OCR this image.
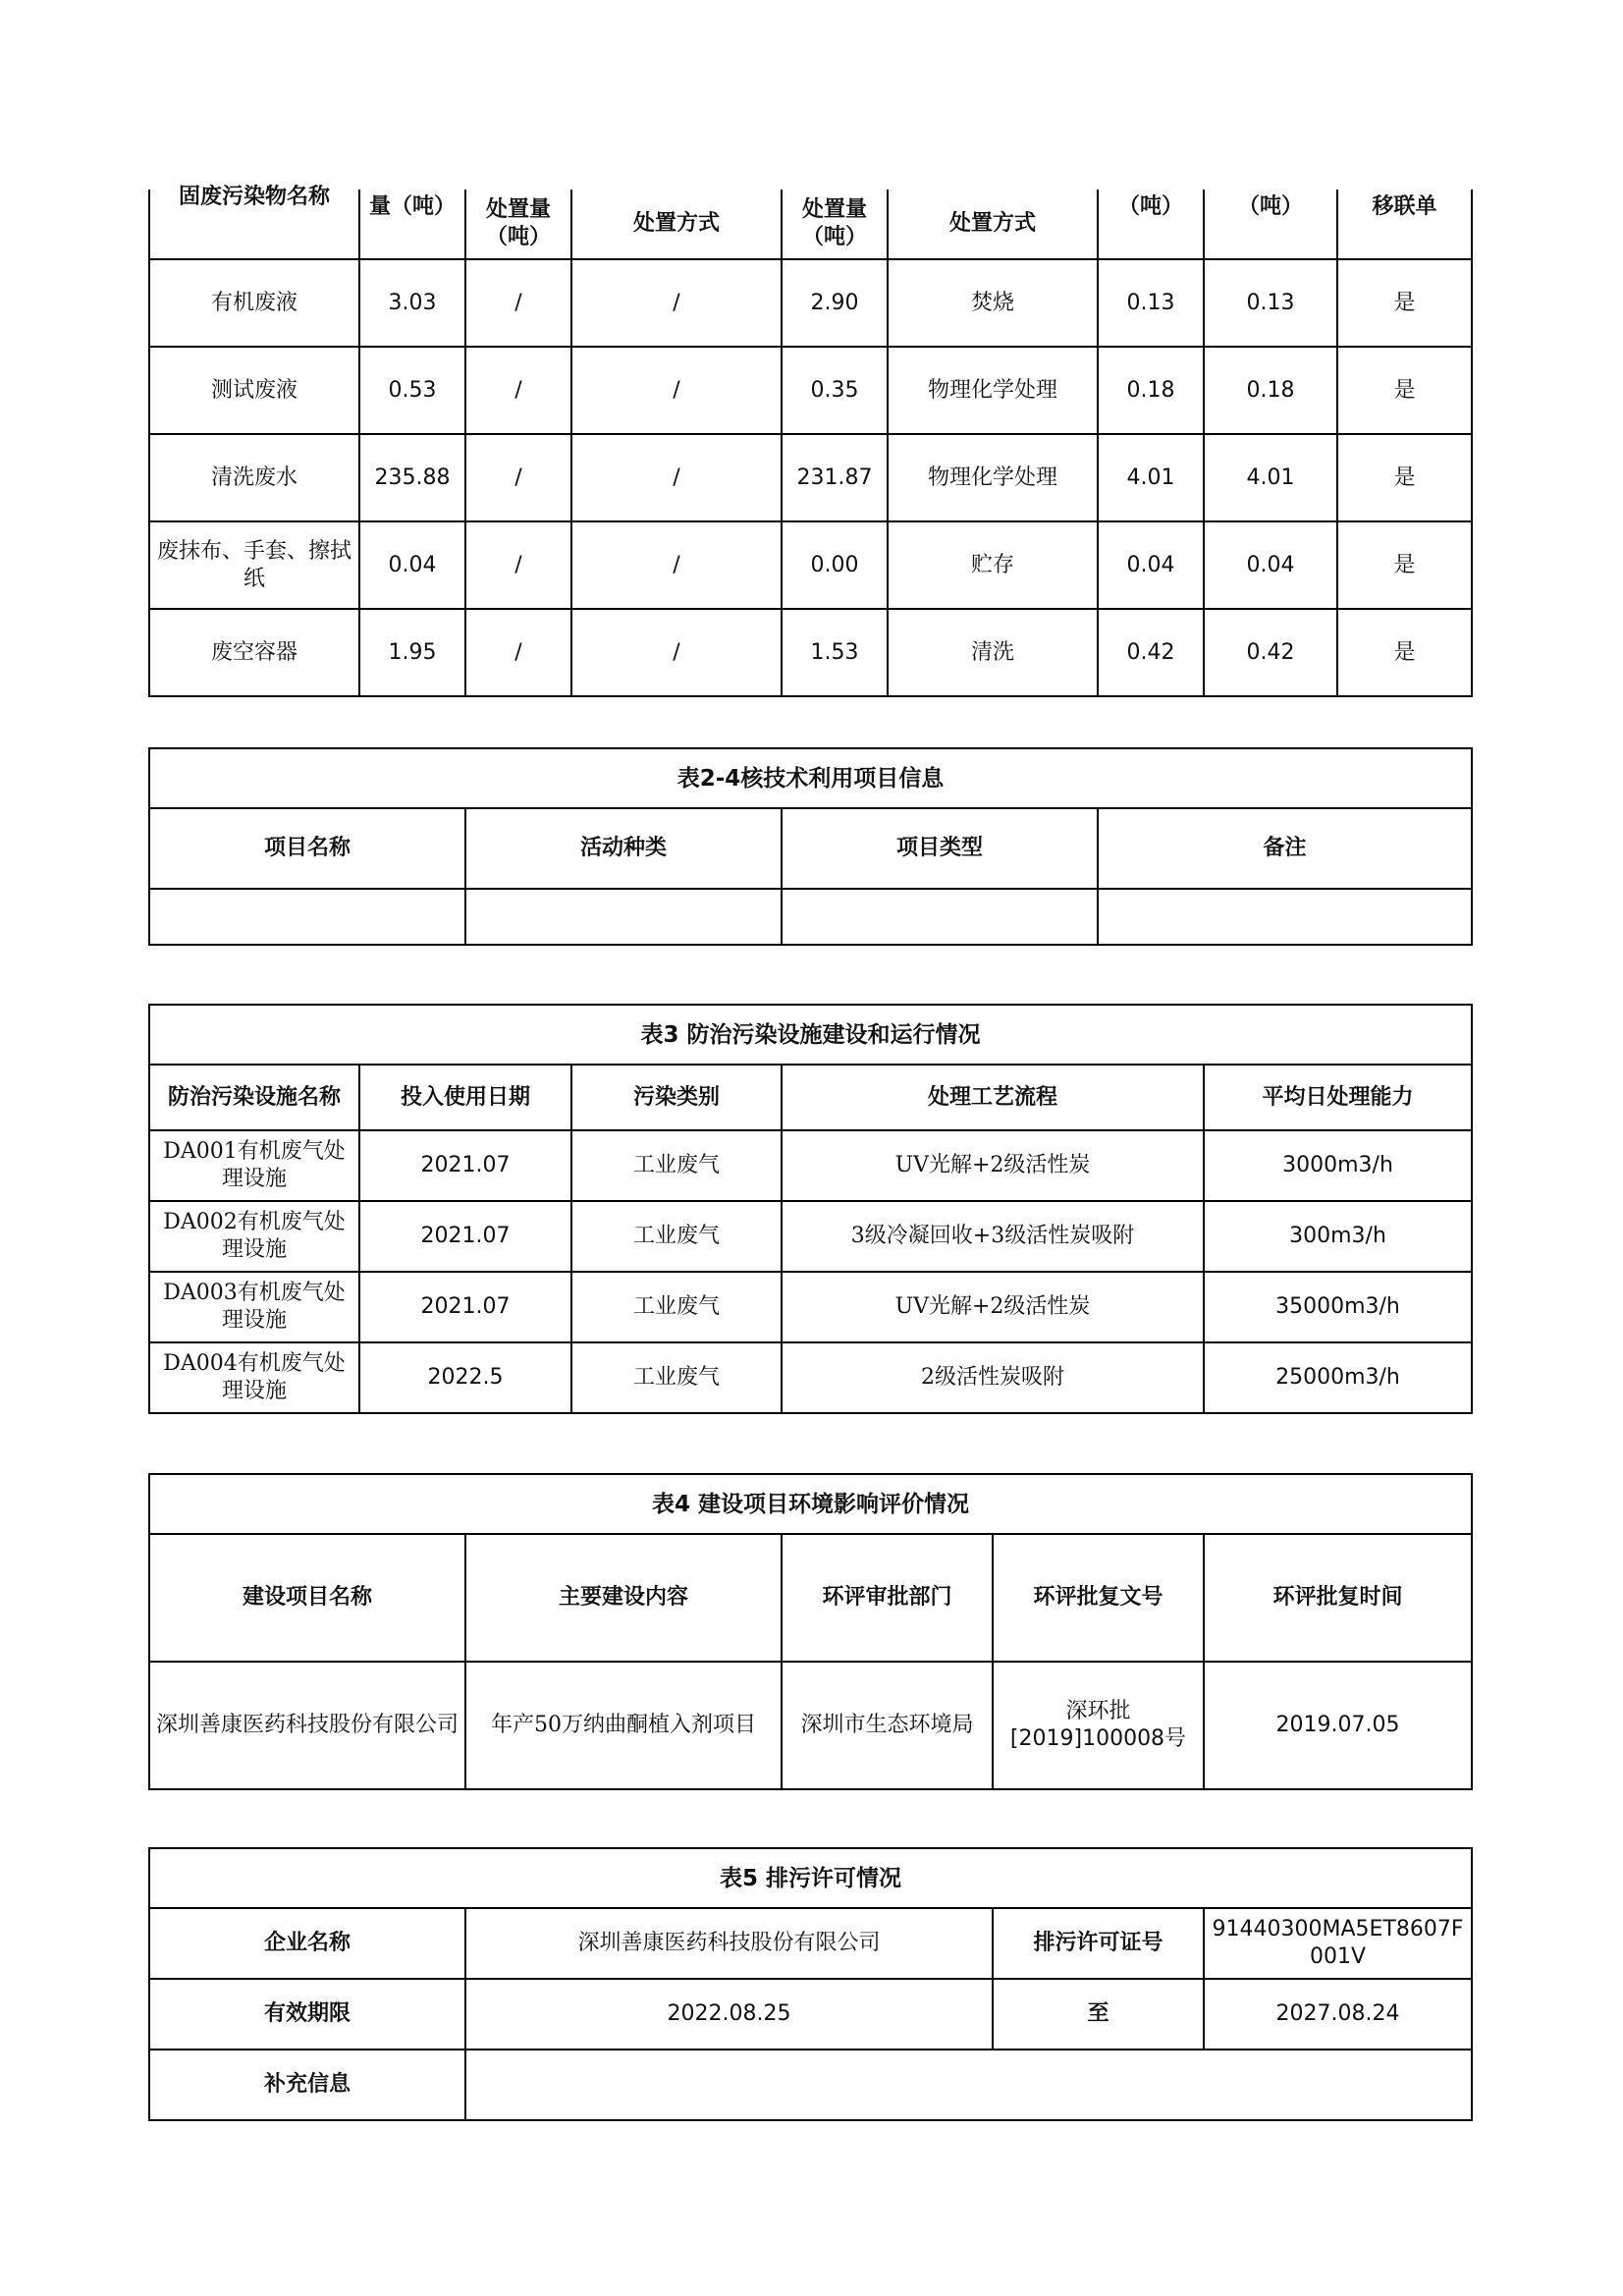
固废污染物名称	量（吨）	处置量（吨）	处置方式	处置量（吨）	处置方式	（吨）	（吨）	移联单

有机废液	3.03	/	/	2.90	焚烧	0.13	0.13	是
测试废液	0.53	/	/	0.35	物理化学处理	0.18	0.18	是
清洗废水	235.88	/	/	231.87	物理化学处理	4.01	4.01	是
废抹布、手套、擦拭纸	0.04	/	/	0.00	贮存	0.04	0.04	是
废空容器	1.95	/	/	1.53	清洗	0.42	0.42	是
表2-4核技术利用项目信息			
项目名称	活动种类	项目类型	备注

表3 防治污染设施建设和运行情况				
防治污染设施名称	投入使用日期	污染类别	处理工艺流程	平均日处理能力
DA001有机废气处理设施	2021.07	工业废气	UV光解+2级活性炭	3000m3/h
DA002有机废气处理设施	2021.07	工业废气	3级冷凝回收+3级活性炭吸附	300m3/h
DA003有机废气处理设施	2021.07	工业废气	UV光解+2级活性炭	35000m3/h
DA004有机废气处理设施	2022.5	工业废气	2级活性炭吸附	25000m3/h
表4 建设项目环境影响评价情况				
建设项目名称	主要建设内容	环评审批部门	环评批复文号	环评批复时间
深圳善康医药科技股份有限公司	年产50万纳曲酮植入剂项目	深圳市生态环境局	深环批[2019]100008号	2019.07.05
表5 排污许可情况			
企业名称	深圳善康医药科技股份有限公司	排污许可证号	91440300MA5ET8607F001V
有效期限	2022.08.25	至	2027.08.24
补充信息			
